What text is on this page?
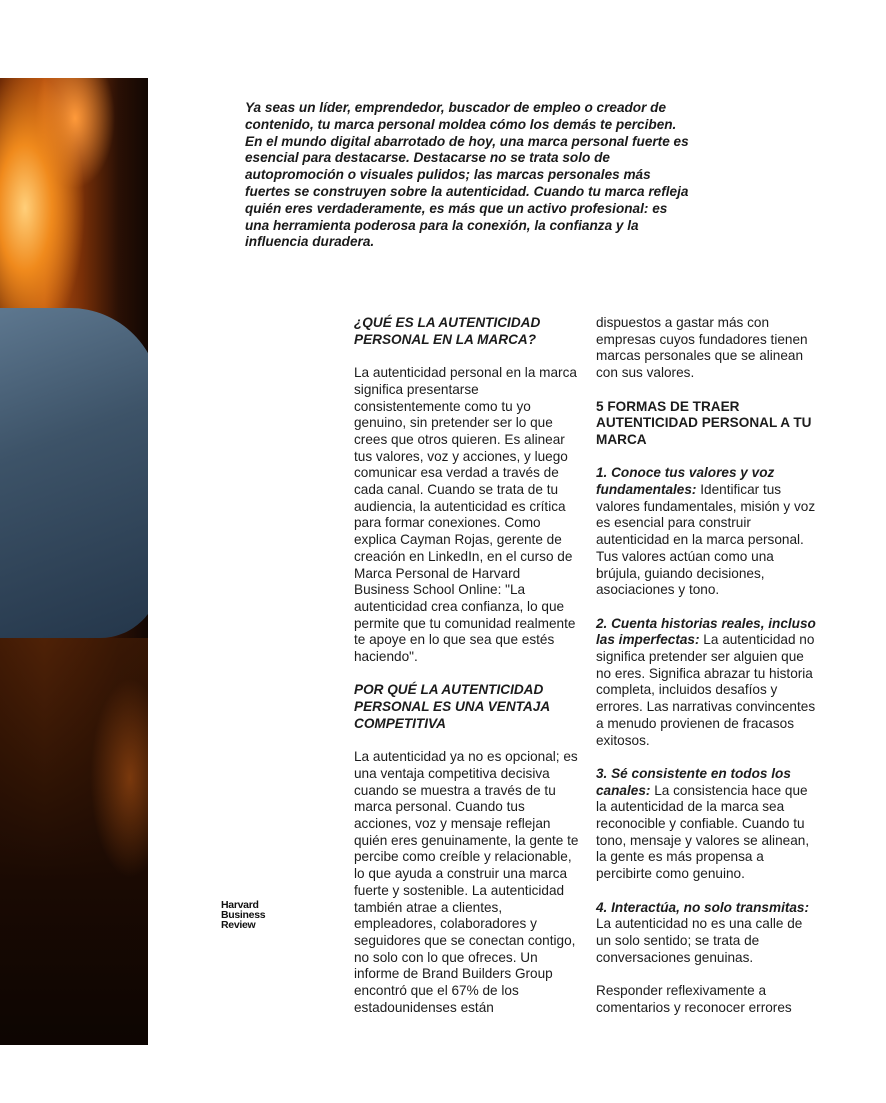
Ya seas un líder, emprendedor, buscador de empleo o creador de contenido, tu marca personal moldea cómo los demás te perciben. En el mundo digital abarrotado de hoy, una marca personal fuerte es esencial para destacarse. Destacarse no se trata solo de autopromoción o visuales pulidos; las marcas personales más fuertes se construyen sobre la autenticidad. Cuando tu marca refleja quién eres verdaderamente, es más que un activo profesional: es una herramienta poderosa para la conexión, la confianza y la influencia duradera.

Harvard
Business
Review
¿QUÉ ES LA AUTENTICIDAD PERSONAL EN LA MARCA?

La autenticidad personal en la marca significa presentarse consistentemente como tu yo genuino, sin pretender ser lo que crees que otros quieren. Es alinear tus valores, voz y acciones, y luego comunicar esa verdad a través de cada canal. Cuando se trata de tu audiencia, la autenticidad es crítica para formar conexiones. Como explica Cayman Rojas, gerente de creación en LinkedIn, en el curso de Marca Personal de Harvard Business School Online: "La autenticidad crea confianza, lo que permite que tu comunidad realmente te apoye en lo que sea que estés haciendo".

POR QUÉ LA AUTENTICIDAD PERSONAL ES UNA VENTAJA COMPETITIVA

La autenticidad ya no es opcional; es una ventaja competitiva decisiva cuando se muestra a través de tu marca personal. Cuando tus acciones, voz y mensaje reflejan quién eres genuinamente, la gente te percibe como creíble y relacionable, lo que ayuda a construir una marca fuerte y sostenible. La autenticidad también atrae a clientes, empleadores, colaboradores y seguidores que se conectan contigo, no solo con lo que ofreces. Un informe de Brand Builders Group encontró que el 67% de los estadounidenses están

dispuestos a gastar más con empresas cuyos fundadores tienen marcas personales que se alinean con sus valores.

5 FORMAS DE TRAER AUTENTICIDAD PERSONAL A TU MARCA

1. Conoce tus valores y voz fundamentales: Identificar tus valores fundamentales, misión y voz es esencial para construir autenticidad en la marca personal. Tus valores actúan como una brújula, guiando decisiones, asociaciones y tono.

2. Cuenta historias reales, incluso las imperfectas: La autenticidad no significa pretender ser alguien que no eres. Significa abrazar tu historia completa, incluidos desafíos y errores. Las narrativas convincentes a menudo provienen de fracasos exitosos.

3. Sé consistente en todos los canales: La consistencia hace que la autenticidad de la marca sea reconocible y confiable. Cuando tu tono, mensaje y valores se alinean, la gente es más propensa a percibirte como genuino.

4. Interactúa, no solo transmitas: La autenticidad no es una calle de un solo sentido; se trata de conversaciones genuinas.

Responder reflexivamente a comentarios y reconocer errores
